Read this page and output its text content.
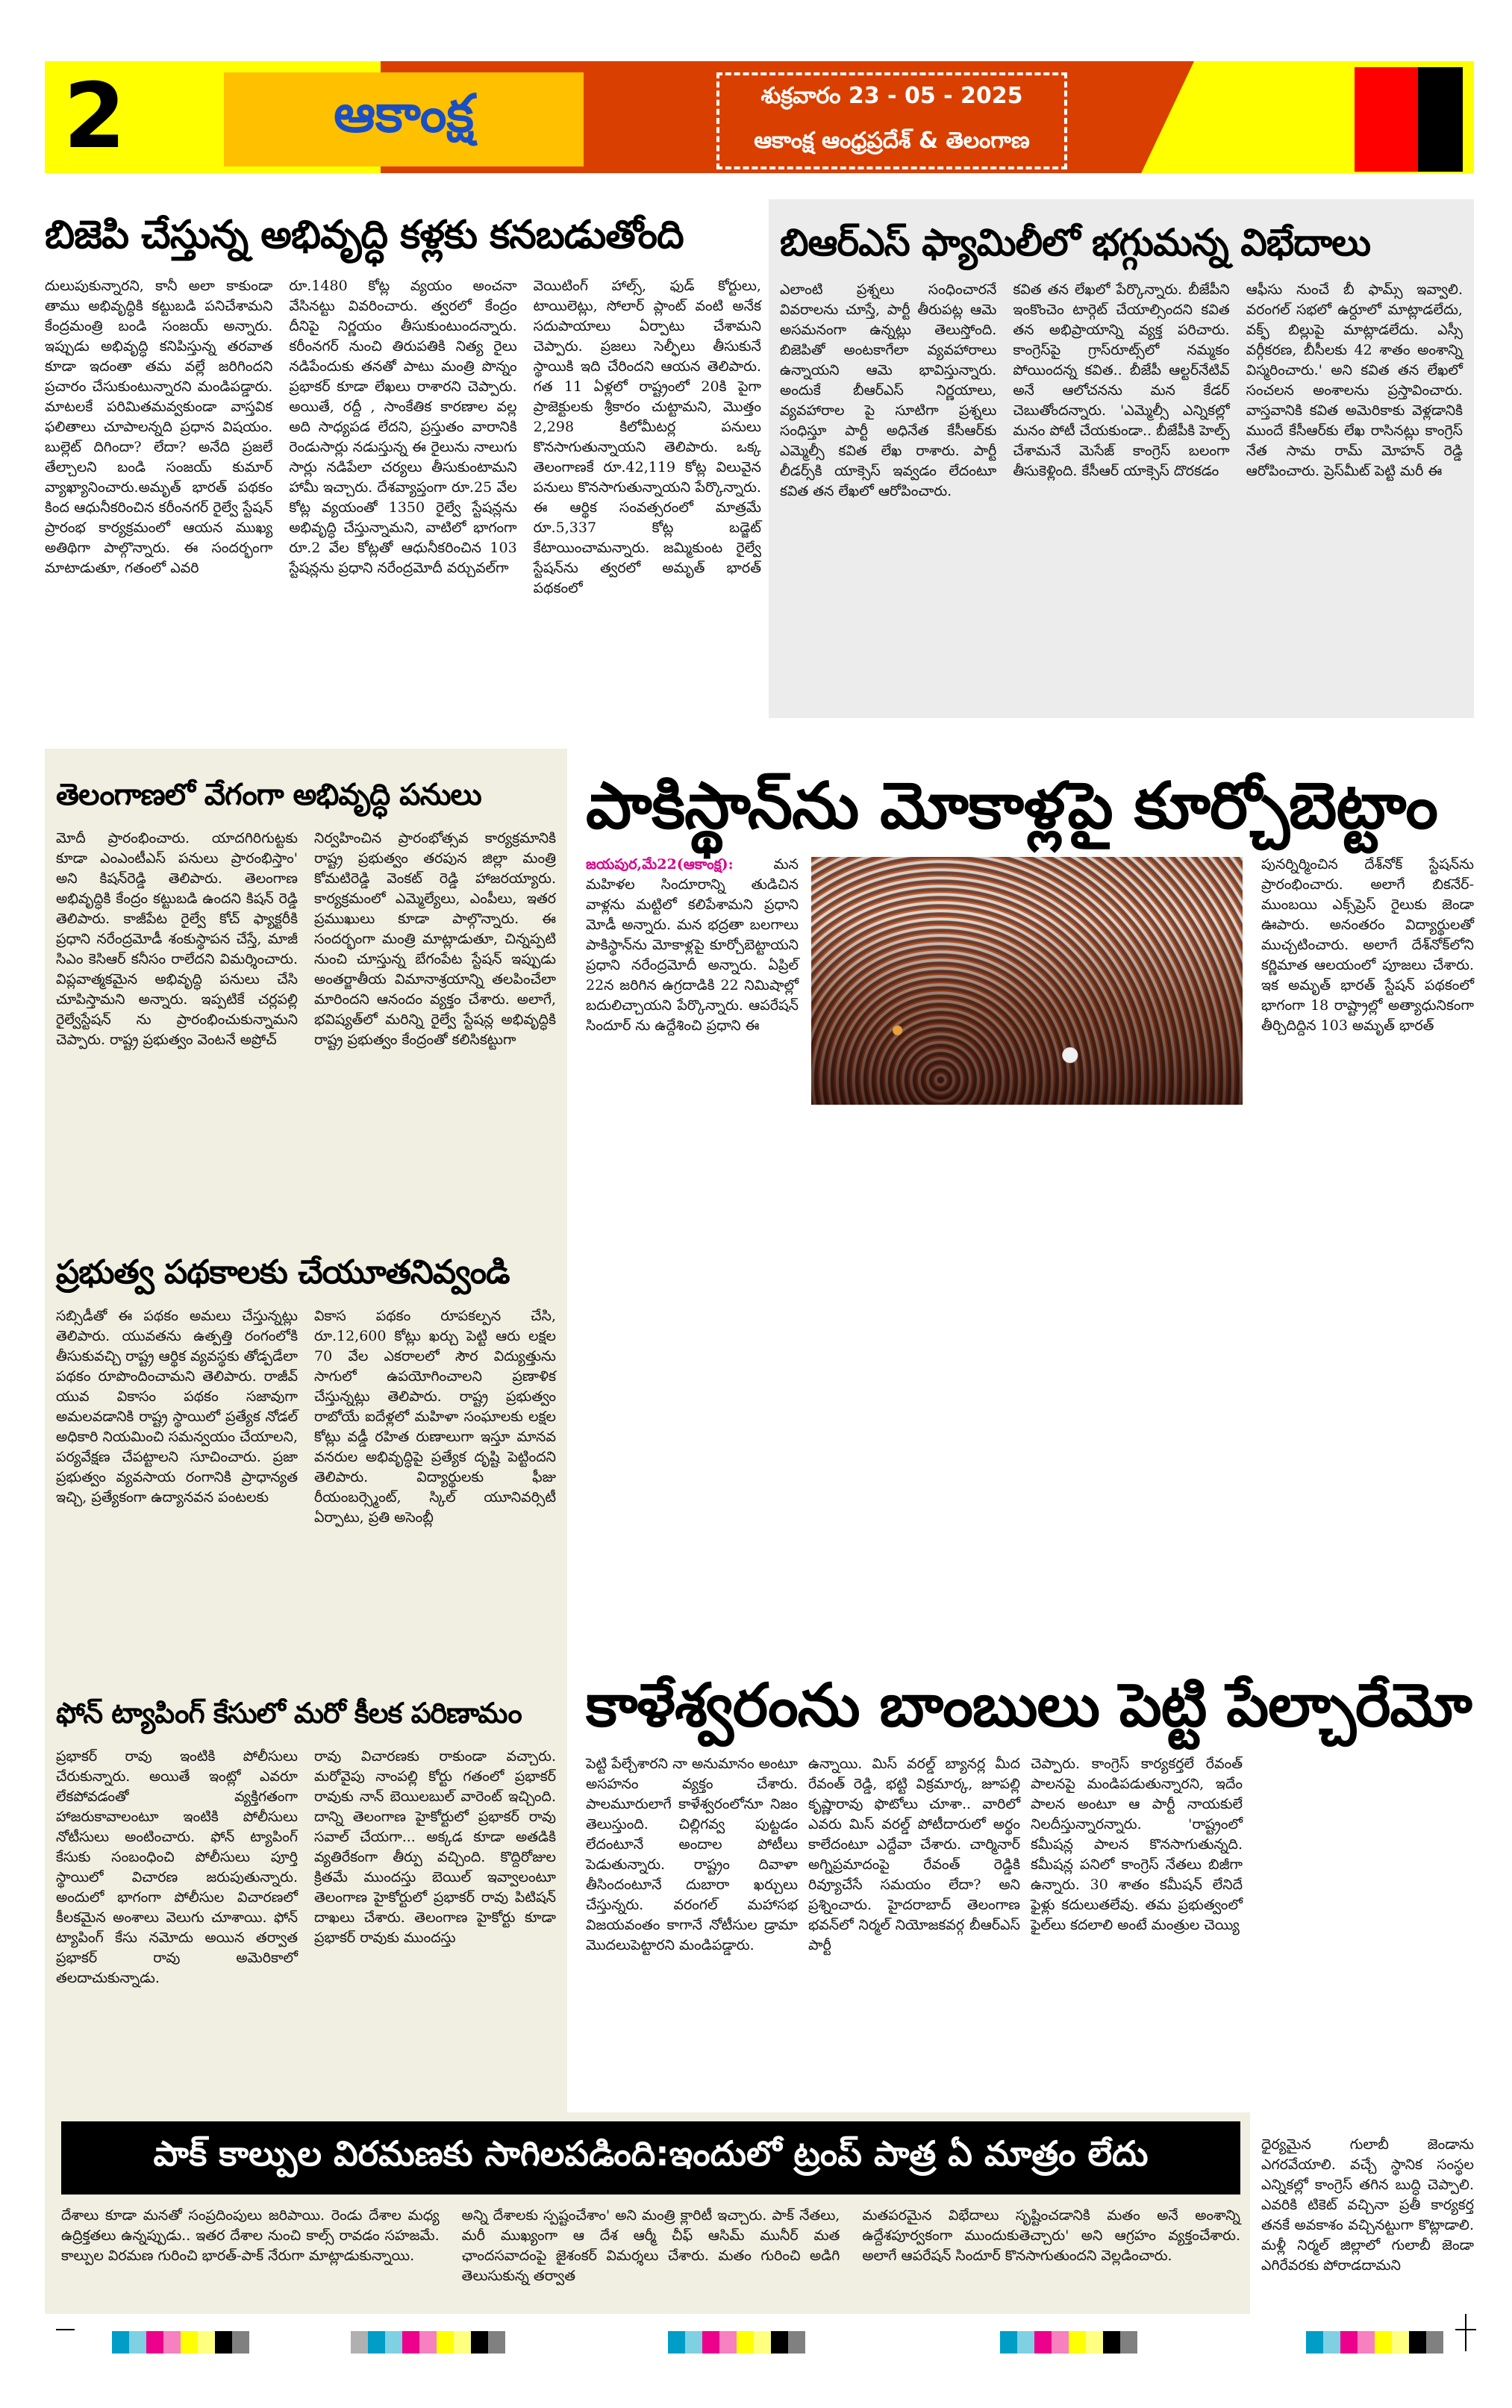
2	ఆకాంక్ష	శుక్రవారం 23 - 05 - 2025
ఆకాంక్ష ఆంధ్రప్రదేశ్ & తెలంగాణ
బిజెపి చేస్తున్న అభివృద్ధి కళ్లకు కనబడుతోంది
దులుపుకున్నారని, కానీ అలా కాకుండా తాము అభివృద్ధికి కట్టుబడి పనిచేశామని కేంద్రమంత్రి బండి సంజయ్ అన్నారు. ఇప్పుడు అభివృద్ధి కనిపిస్తున్న తరవాత కూడా ఇదంతా తమ వల్లే జరిగిందని ప్రచారం చేసుకుంటున్నారని మండిపడ్డారు. మాటలకే పరిమితమవ్వకుండా వాస్తవిక ఫలితాలు చూపాలన్నది ప్రధాన విషయం. బుల్లెట్ దిగిందా? లేదా? అనేది ప్రజలే తేల్చాలని బండి సంజయ్ కుమార్ వ్యాఖ్యానించారు.అమృత్ భారత్ పథకం కింద ఆధునీకరించిన కరీంనగర్ రైల్వే స్టేషన్ ప్రారంభ కార్యక్రమంలో ఆయన ముఖ్య అతిథిగా పాల్గొన్నారు. ఈ సందర్భంగా మాటాడుతూ, గతంలో ఎవరి
రూ.1480 కోట్ల వ్యయం అంచనా వేసినట్టు వివరించారు. త్వరలో కేంద్రం దీనిపై నిర్ణయం తీసుకుంటుందన్నారు. కరీంనగర్ నుంచి తిరుపతికి నిత్య రైలు నడిపేందుకు తనతో పాటు మంత్రి పొన్నం ప్రభాకర్ కూడా లేఖలు రాశారని చెప్పారు. అయితే, రద్దీ , సాంకేతిక కారణాల వల్ల అది సాధ్యపడ లేదని, ప్రస్తుతం వారానికి రెండుసార్లు నడుస్తున్న ఈ రైలును నాలుగు సార్లు నడిపేలా చర్యలు తీసుకుంటామని హామీ ఇచ్చారు. దేశవ్యాప్తంగా రూ.25 వేల కోట్ల వ్యయంతో 1350 రైల్వే స్టేషన్లను అభివృద్ధి చేస్తున్నామని, వాటిలో భాగంగా రూ.2 వేల కోట్లతో ఆధునీకరించిన 103 స్టేషన్లను ప్రధాని నరేంద్రమోదీ వర్చువల్‌గా
వెయిటింగ్ హాల్స్, ఫుడ్ కోర్టులు, టాయిలెట్లు, సోలార్ ప్లాంట్ వంటి అనేక సదుపాయాలు ఏర్పాటు చేశామని చెప్పారు. ప్రజలు సెల్ఫీలు తీసుకునే స్థాయికి ఇది చేరిందని ఆయన తెలిపారు. గత 11 ఏళ్లలో రాష్ట్రంలో 20కి పైగా ప్రాజెక్టులకు శ్రీకారం చుట్టామని, మొత్తం 2,298 కిలోమీటర్ల పనులు కొనసాగుతున్నాయని తెలిపారు. ఒక్క తెలంగాణకే రూ.42,119 కోట్ల విలువైన పనులు కొనసాగుతున్నాయని పేర్కొన్నారు. ఈ ఆర్థిక సంవత్సరంలో మాత్రమే రూ.5,337 కోట్ల బడ్జెట్ కేటాయించామన్నారు. జమ్మికుంట రైల్వే స్టేషన్‌ను త్వరలో అమృత్ భారత్ పథకంలో
బిఆర్ఎస్ ఫ్యామిలీలో భగ్గుమన్న విభేదాలు
ఎలాంటి ప్రశ్నలు సంధించారనే వివరాలను చూస్తే, పార్టీ తీరుపట్ల ఆమె అసమనంగా ఉన్నట్లు తెలుస్తోంది. బిజెపితో అంటకాగేలా వ్యవహారాలు ఉన్నాయని ఆమె భావిస్తున్నారు. అందుకే బీఆర్ఎస్ నిర్ణయాలు, వ్యవహారాల పై సూటిగా ప్రశ్నలు సంధిస్తూ పార్టీ అధినేత కేసీఆర్‌కు ఎమ్మెల్సీ కవిత లేఖ రాశారు. పార్టీ లీడర్స్‌కి యాక్సెస్ ఇవ్వడం లేదంటూ కవిత తన లేఖలో ఆరోపించారు.
కవిత తన లేఖలో పేర్కొన్నారు. బీజేపీని ఇంకొంచెం టార్గెట్ చేయాల్సిందని కవిత తన అభిప్రాయాన్ని వ్యక్త పరిచారు. కాంగ్రెస్‌పై గ్రాస్‌రూట్స్‌లో నమ్మకం పోయిందన్న కవిత.. బీజేపీ ఆల్టర్‌నేటివ్ అనే ఆలోచనను మన కేడర్ చెబుతోందన్నారు. 'ఎమ్మెల్సీ ఎన్నికల్లో మనం పోటీ చేయకుండా.. బీజేపీకి హెల్ప్ చేశామనే మెసేజ్ కాంగ్రెస్ బలంగా తీసుకెళ్లింది. కేసీఆర్ యాక్సెస్ దొరకడం
ఆఫీసు నుంచే బీ ఫామ్స్ ఇవ్వాలి. వరంగల్ సభలో ఉర్దూలో మాట్లాడలేదు, వక్ఫ్ బిల్లుపై మాట్లాడలేదు. ఎస్సీ వర్గీకరణ, బీసీలకు 42 శాతం అంశాన్ని విస్మరించారు.' అని కవిత తన లేఖలో సంచలన అంశాలను ప్రస్తావించారు. వాస్తవానికి కవిత అమెరికాకు వెళ్లడానికి ముందే కేసీఆర్‌కు లేఖ రాసినట్లు కాంగ్రెస్ నేత సామ రామ్ మోహన్ రెడ్డి ఆరోపించారు. ప్రెస్‌మీట్ పెట్టి మరీ ఈ
తెలంగాణలో వేగంగా అభివృద్ధి పనులు
మోదీ ప్రారంభించారు. యాదగిరిగుట్టకు కూడా ఎంఎంటీఎస్ పనులు ప్రారంభిస్తాం' అని కిషన్‌రెడ్డి తెలిపారు. తెలంగాణ అభివృద్ధికి కేంద్రం కట్టుబడి ఉందని కిషన్ రెడ్డి తెలిపారు. కాజీపేట రైల్వే కోచ్ ఫ్యాక్టరీకి ప్రధాని నరేంద్రమోడీ శంకుస్థాపన చేస్తే, మాజీ సిఎం కెసిఆర్ కనీసం రాలేదని విమర్శించారు. విప్లవాత్మకమైన అభివృద్ధి పనులు చేసి చూపిస్తామని అన్నారు. ఇప్పటికే చర్లపల్లి రైల్వేస్టేషన్ ను ప్రారంభించుకున్నామని చెప్పారు. రాష్ట్ర ప్రభుత్వం వెంటనే అప్రోచ్
నిర్వహించిన ప్రారంభోత్సవ కార్యక్రమానికి రాష్ట్ర ప్రభుత్వం తరపున జిల్లా మంత్రి కోమటిరెడ్డి వెంకట్ రెడ్డి హాజరయ్యారు. కార్యక్రమంలో ఎమ్మెల్యేలు, ఎంపీలు, ఇతర ప్రముఖులు కూడా పాల్గొన్నారు. ఈ సందర్భంగా మంత్రి మాట్లాడుతూ, చిన్నప్పటి నుంచి చూస్తున్న బేగంపేట స్టేషన్ ఇప్పుడు అంతర్జాతీయ విమానాశ్రయాన్ని తలపించేలా మారిందని ఆనందం వ్యక్తం చేశారు. అలాగే, భవిష్యత్‌లో మరిన్ని రైల్వే స్టేషన్ల అభివృద్ధికి రాష్ట్ర ప్రభుత్వం కేంద్రంతో కలిసికట్టుగా
ప్రభుత్వ పథకాలకు చేయూతనివ్వండి
సబ్సిడీతో ఈ పథకం అమలు చేస్తున్నట్లు తెలిపారు. యువతను ఉత్పత్తి రంగంలోకి తీసుకువచ్చి రాష్ట్ర ఆర్థిక వ్యవస్థకు తోడ్పడేలా పథకం రూపొందించామని తెలిపారు. రాజీవ్ యువ వికాసం పథకం సజావుగా అమలవడానికి రాష్ట్ర స్థాయిలో ప్రత్యేక నోడల్ అధికారి నియమించి సమన్వయం చేయాలని, పర్యవేక్షణ చేపట్టాలని సూచించారు. ప్రజా ప్రభుత్వం వ్యవసాయ రంగానికి ప్రాధాన్యత ఇచ్చి, ప్రత్యేకంగా ఉద్యానవన పంటలకు
వికాస పథకం రూపకల్పన చేసి, రూ.12,600 కోట్లు ఖర్చు పెట్టి ఆరు లక్షల 70 వేల ఎకరాలలో సౌర విద్యుత్తును సాగులో ఉపయోగించాలని ప్రణాళిక చేస్తున్నట్లు తెలిపారు. రాష్ట్ర ప్రభుత్వం రాబోయే ఐదేళ్లలో మహిళా సంఘాలకు లక్షల కోట్లు వడ్డీ రహిత రుణాలుగా ఇస్తూ మానవ వనరుల అభివృద్ధిపై ప్రత్యేక దృష్టి పెట్టిందని తెలిపారు. విద్యార్థులకు ఫీజు రీయంబర్స్మెంట్, స్కిల్ యూనివర్సిటీ ఏర్పాటు, ప్రతి అసెంబ్లీ
ఫోన్ ట్యాపింగ్ కేసులో మరో కీలక పరిణామం
ప్రభాకర్ రావు ఇంటికి పోలీసులు చేరుకున్నారు. అయితే ఇంట్లో ఎవరూ లేకపోవడంతో వ్యక్తిగతంగా హాజరుకావాలంటూ ఇంటికి పోలీసులు నోటీసులు అంటించారు. ఫోన్ ట్యాపింగ్ కేసుకు సంబంధించి పోలీసులు పూర్తి స్థాయిలో విచారణ జరుపుతున్నారు. అందులో భాగంగా పోలీసుల విచారణలో కీలకమైన అంశాలు వెలుగు చూశాయి. ఫోన్ ట్యాపింగ్ కేసు నమోదు అయిన తర్వాత ప్రభాకర్ రావు అమెరికాలో తలదాచుకున్నాడు.
రావు విచారణకు రాకుండా వచ్చారు. మరోవైపు నాంపల్లి కోర్టు గతంలో ప్రభాకర్ రావుకు నాన్ బెయిలబుల్ వారెంట్ ఇచ్చింది. దాన్ని తెలంగాణ హైకోర్టులో ప్రభాకర్ రావు సవాల్ చేయగా... అక్కడ కూడా అతడికి వ్యతిరేకంగా తీర్పు వచ్చింది. కొద్దిరోజుల క్రితమే ముందస్తు బెయిల్ ఇవ్వాలంటూ తెలంగాణ హైకోర్టులో ప్రభాకర్ రావు పిటిషన్ దాఖలు చేశారు. తెలంగాణ హైకోర్టు కూడా ప్రభాకర్ రావుకు ముందస్తు
పాకిస్థాన్‌ను మోకాళ్లపై కూర్చోబెట్టాం
జయపుర,మే22(ఆకాంక్ష):	మన మహిళల సిందూరాన్ని తుడిచిన వాళ్లను మట్టిలో కలిపేశామని ప్రధాని మోడీ అన్నారు. మన భద్రతా బలగాలు పాకిస్థాన్‌ను మోకాళ్లపై కూర్చోబెట్టాయని ప్రధాని నరేంద్రమోదీ అన్నారు. ఏప్రిల్ 22న జరిగిన ఉగ్రదాడికి 22 నిమిషాల్లో బదులిచ్చాయని పేర్కొన్నారు. ఆపరేషన్ సిందూర్ ను ఉద్దేశించి ప్రధాని ఈ
పునర్నిర్మించిన దేశ్‌నోక్ స్టేషన్‌ను ప్రారంభించారు. అలాగే బికనేర్-ముంబయి ఎక్స్‌ప్రెస్ రైలుకు జెండా ఊపారు. అనంతరం విద్యార్థులతో ముచ్చటించారు. అలాగే దేశ్‌నోక్‌లోని కర్ణిమాత ఆలయంలో పూజలు చేశారు. ఇక అమృత్ భారత్ స్టేషన్ పథకంలో భాగంగా 18 రాష్ట్రాల్లో అత్యాధునికంగా తీర్చిదిద్దిన 103 అమృత్ భారత్
కాళేశ్వరంను బాంబులు పెట్టి పేల్చారేమో
పెట్టి పేల్చేశారని నా అనుమానం అంటూ అసహనం వ్యక్తం చేశారు. పాలమూరులాగే కాళేశ్వరంలోనూ నిజం తెలుస్తుంది. చిల్లిగవ్వ పుట్టడం లేదంటూనే అందాల పోటీలు పెడుతున్నారు. రాష్ట్రం దివాళా తీసిందంటూనే దుబారా ఖర్చులు చేస్తున్నరు. వరంగల్ మహాసభ విజయవంతం కాగానే నోటీసుల డ్రామా మొదలుపెట్టారని మండిపడ్డారు.
ఉన్నాయి. మిస్ వరల్డ్ బ్యానర్ల మీద రేవంత్ రెడ్డి, భట్టి విక్రమార్క, జూపల్లి కృష్ణారావు ఫొటోలు చూశా.. వారిలో ఎవరు మిస్ వరల్డ్ పోటీదారులో అర్థం కాలేదంటూ ఎద్దేవా చేశారు. చార్మినార్ అగ్నిప్రమాదంపై రేవంత్ రెడ్డికి రివ్యూచేసే సమయం లేదా? అని ప్రశ్నించారు. హైదరాబాద్ తెలంగాణ భవన్‌లో నిర్మల్ నియోజకవర్గ బీఆర్ఎస్ పార్టీ
చెప్పారు. కాంగ్రెస్ కార్యకర్తలే రేవంత్ పాలనపై మండిపడుతున్నారని, ఇదేం పాలన అంటూ ఆ పార్టీ నాయకులే నిలదీస్తున్నారన్నారు. 'రాష్ట్రంలో కమీషన్ల పాలన కొనసాగుతున్నది. కమీషన్ల పనిలో కాంగ్రెస్ నేతలు బిజీగా ఉన్నారు. 30 శాతం కమీషన్ లేనిదే ఫైళ్లు కదులుతలేవు. తమ ప్రభుత్వంలో ఫైల్‌లు కదలాలి అంటే మంత్రుల చెయ్యి
ధైర్యమైన గులాబీ జెండాను ఎగరవేయాలి. వచ్చే స్థానిక సంస్థల ఎన్నికల్లో కాంగ్రెస్ తగిన బుద్ధి చెప్పాలి. ఎవరికి టికెట్ వచ్చినా ప్రతీ కార్యకర్త తనకే అవకాశం వచ్చినట్టుగా కొట్లాడాలి. మళ్లీ నిర్మల్ జిల్లాలో గులాబీ జెండా ఎగిరేవరకు పోరాడదామని
పాక్ కాల్పుల విరమణకు సాగిలపడింది:ఇందులో ట్రంప్ పాత్ర ఏ మాత్రం లేదు
దేశాలు కూడా మనతో సంప్రదింపులు జరిపాయి. రెండు దేశాల మధ్య ఉద్రిక్తతలు ఉన్నప్పుడు.. ఇతర దేశాల నుంచి కాల్స్ రావడం సహజమే. కాల్పుల విరమణ గురించి భారత్-పాక్ నేరుగా మాట్లాడుకున్నాయి.
అన్ని దేశాలకు స్పష్టంచేశాం' అని మంత్రి క్లారిటీ ఇచ్చారు. పాక్ నేతలు, మరీ ముఖ్యంగా ఆ దేశ ఆర్మీ చీఫ్ ఆసిమ్ మునీర్ మత ఛాందసవాదంపై జైశంకర్ విమర్శలు చేశారు. మతం గురించి అడిగి తెలుసుకున్న తర్వాత
మతపరమైన విభేదాలు సృష్టించడానికి మతం అనే అంశాన్ని ఉద్దేశపూర్వకంగా ముందుకుతెచ్చారు' అని ఆగ్రహం వ్యక్తంచేశారు. అలాగే ఆపరేషన్ సిందూర్ కొనసాగుతుందని వెల్లడించారు.
